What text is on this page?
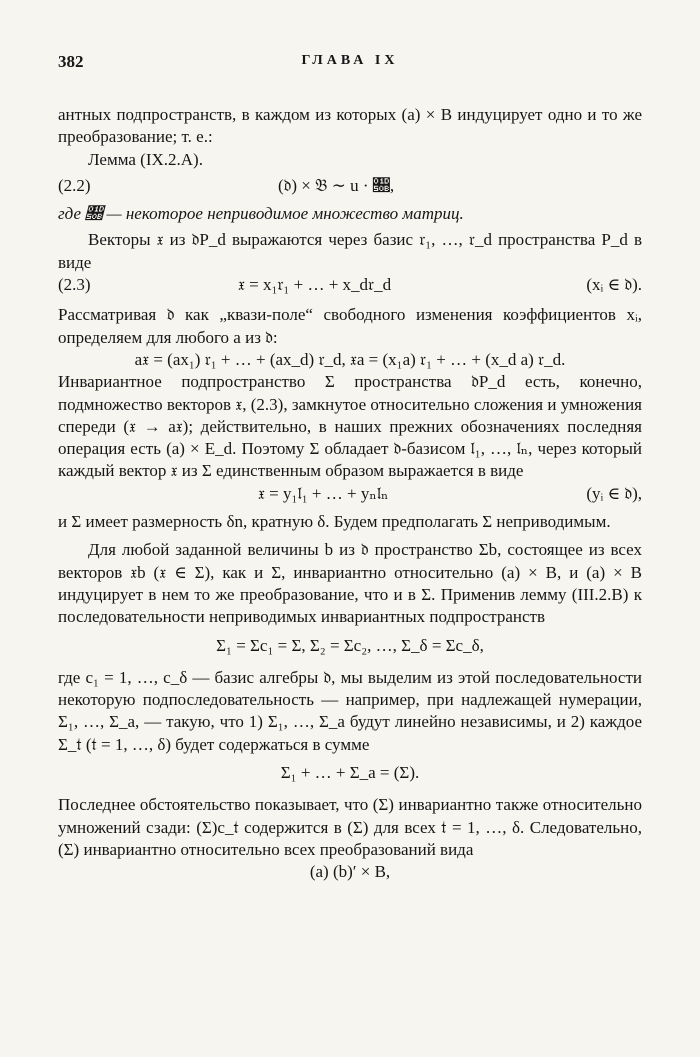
382	ГЛАВА IX

антных подпространств, в каждом из которых (a) × B индуцирует одно и то же преобразование; т. е.:

Лемма (IX.2.A).

(2.2)	(𝔡) × 𝔅 ∼ u · 𝔋,

где 𝔋 — некоторое неприводимое множество матриц.

Векторы 𝔵 из 𝔡P_d выражаются через базис 𝔯₁, …, 𝔯_d пространства P_d в виде

(2.3)	𝔵 = x₁𝔯₁ + … + x_d𝔯_d	(xᵢ ∈ 𝔡).

Рассматривая 𝔡 как „квази-поле“ свободного изменения коэффициентов xᵢ, определяем для любого a из 𝔡:

a𝔵 = (ax₁) 𝔯₁ + … + (ax_d) 𝔯_d, 𝔵a = (x₁a) 𝔯₁ + … + (x_d a) 𝔯_d.

Инвариантное подпространство Σ пространства 𝔡P_d есть, конечно, подмножество векторов 𝔵, (2.3), замкнутое относительно сложения и умножения спереди (𝔵 → a𝔵); действительно, в наших прежних обозначениях последняя операция есть (a) × E_d. Поэтому Σ обладает 𝔡-базисом 𝔩₁, …, 𝔩ₙ, через который каждый вектор 𝔵 из Σ единственным образом выражается в виде

𝔵 = y₁𝔩₁ + … + yₙ𝔩ₙ	(yᵢ ∈ 𝔡),

и Σ имеет размерность δn, кратную δ. Будем предполагать Σ неприводимым.

Для любой заданной величины b из 𝔡 пространство Σb, состоящее из всех векторов 𝔵b (𝔵 ∈ Σ), как и Σ, инвариантно относительно (a) × B, и (a) × B индуцирует в нем то же преобразование, что и в Σ. Применив лемму (III.2.B) к последовательности неприводимых инвариантных подпространств

Σ₁ = Σc₁ = Σ, Σ₂ = Σc₂, …, Σ_δ = Σc_δ,

где c₁ = 1, …, c_δ — базис алгебры 𝔡, мы выделим из этой последовательности некоторую подпоследовательность — например, при надлежащей нумерации, Σ₁, …, Σ_a, — такую, что 1) Σ₁, …, Σ_a будут линейно независимы, и 2) каждое Σ_𝔱 (𝔱 = 1, …, δ) будет содержаться в сумме

Σ₁ + … + Σ_a = (Σ).

Последнее обстоятельство показывает, что (Σ) инвариантно также относительно умножений сзади: (Σ)c_𝔱 содержится в (Σ) для всех 𝔱 = 1, …, δ. Следовательно, (Σ) инвариантно относительно всех преобразований вида

(a) (b)′ × B,
